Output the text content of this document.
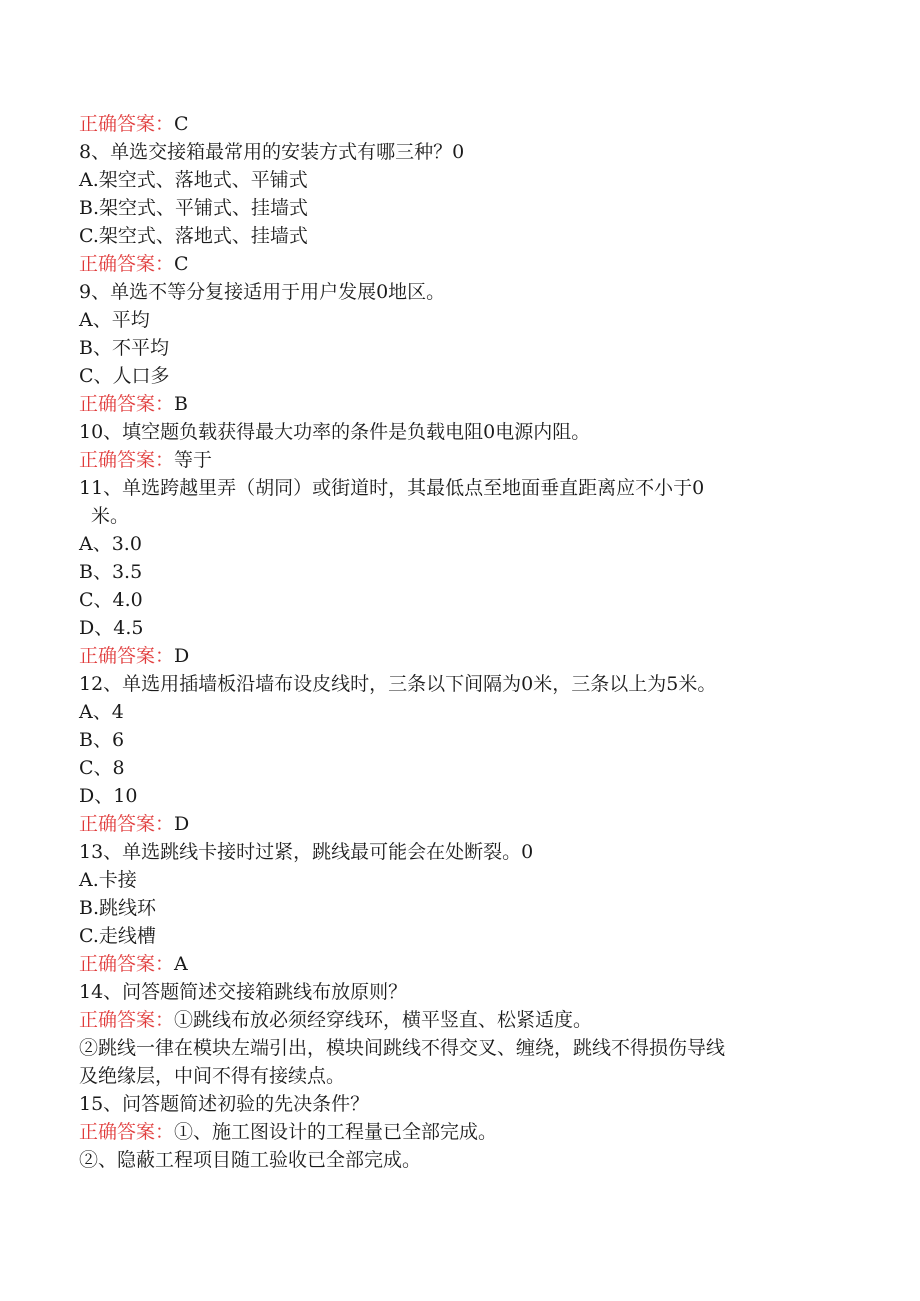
正确答案：C

8、单选交接箱最常用的安装方式有哪三种？0

A.架空式、落地式、平铺式

B.架空式、平铺式、挂墙式

C.架空式、落地式、挂墙式

正确答案：C

9、单选不等分复接适用于用户发展0地区。

A、平均

B、不平均

C、人口多

正确答案：B

10、填空题负载获得最大功率的条件是负载电阻0电源内阻。

正确答案：等于

11、单选跨越里弄（胡同）或街道时，其最低点至地面垂直距离应不小于0

米。

A、3.0

B、3.5

C、4.0

D、4.5

正确答案：D

12、单选用插墙板沿墙布设皮线时，三条以下间隔为0米，三条以上为5米。

A、4

B、6

C、8

D、10

正确答案：D

13、单选跳线卡接时过紧，跳线最可能会在处断裂。0

A.卡接

B.跳线环

C.走线槽

正确答案：A

14、问答题简述交接箱跳线布放原则？

正确答案：①跳线布放必须经穿线环，横平竖直、松紧适度。

②跳线一律在模块左端引出，模块间跳线不得交叉、缠绕，跳线不得损伤导线

及绝缘层，中间不得有接续点。

15、问答题简述初验的先决条件？

正确答案：①、施工图设计的工程量已全部完成。

②、隐蔽工程项目随工验收已全部完成。
